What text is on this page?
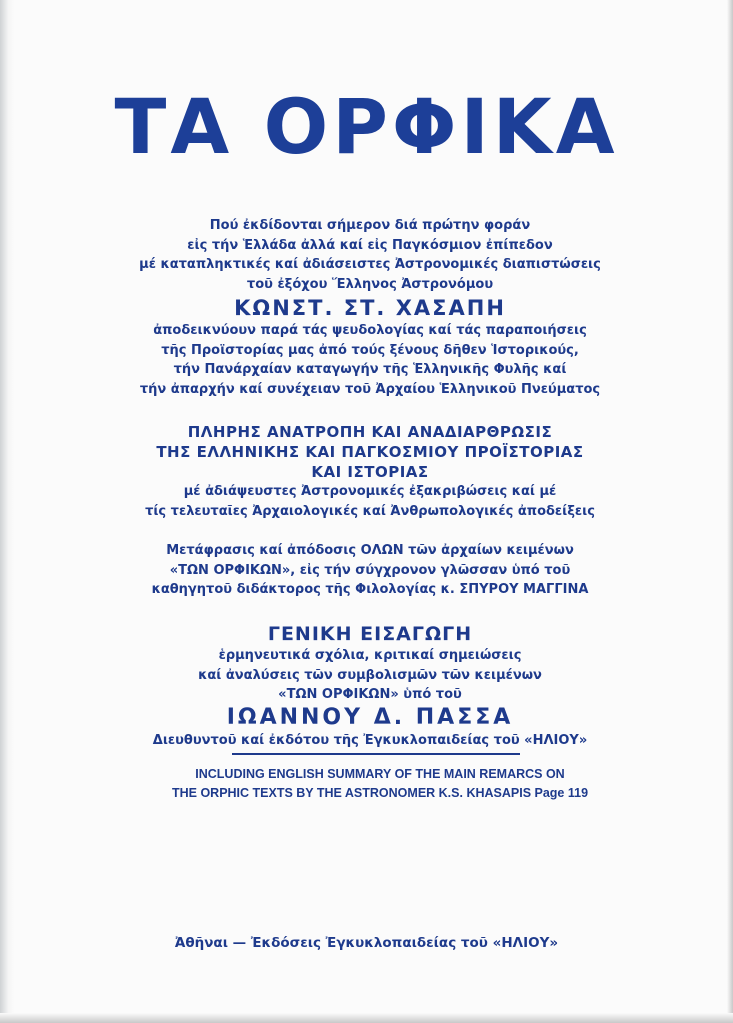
ΤΑ ΟΡΦΙΚΑ
Πού ἐκδίδονται σήμερον διά πρώτην φοράν
εἰς τήν Ἑλλάδα ἀλλά καί εἰς Παγκόσμιον ἐπίπεδον
μέ καταπληκτικές καί ἀδιάσειστες Ἀστρονομικές διαπιστώσεις
τοῦ ἐξόχου Ἕλληνος Ἀστρονόμου
ΚΩΝΣΤ. ΣΤ. ΧΑΣΑΠΗ
ἀποδεικνύουν παρά τάς ψευδολογίας καί τάς παραποιήσεις
τῆς Προϊστορίας μας ἀπό τούς ξένους δῆθεν Ἱστορικούς,
τήν Πανάρχαίαν καταγωγήν τῆς Ἑλληνικῆς Φυλῆς καί
τήν ἀπαρχήν καί συνέχειαν τοῦ Ἀρχαίου Ἑλληνικοῦ Πνεύματος
ΠΛΗΡΗΣ ΑΝΑΤΡΟΠΗ ΚΑΙ ΑΝΑΔΙΑΡΘΡΩΣΙΣ
ΤΗΣ ΕΛΛΗΝΙΚΗΣ ΚΑΙ ΠΑΓΚΟΣΜΙΟΥ ΠΡΟΪΣΤΟΡΙΑΣ
ΚΑΙ ΙΣΤΟΡΙΑΣ
μέ ἀδιάψευστες Ἀστρονομικές ἐξακριβώσεις καί μέ
τίς τελευταῖες Ἀρχαιολογικές καί Ἀνθρωπολογικές ἀποδείξεις
Μετάφρασις καί ἀπόδοσις ΟΛΩΝ τῶν ἀρχαίων κειμένων
«ΤΩΝ ΟΡΦΙΚΩΝ», εἰς τήν σύγχρονον γλῶσσαν ὑπό τοῦ
καθηγητοῦ διδάκτορος τῆς Φιλολογίας κ. ΣΠΥΡΟΥ ΜΑΓΓΙΝΑ
ΓΕΝΙΚΗ ΕΙΣΑΓΩΓΗ
ἑρμηνευτικά σχόλια, κριτικαί σημειώσεις
καί ἀναλύσεις τῶν συμβολισμῶν τῶν κειμένων
«ΤΩΝ ΟΡΦΙΚΩΝ» ὑπό τοῦ
ΙΩΑΝΝΟΥ Δ. ΠΑΣΣΑ
Διευθυντοῦ καί ἐκδότου τῆς Ἐγκυκλοπαιδείας τοῦ «ΗΛΙΟΥ»
INCLUDING ENGLISH SUMMARY OF THE MAIN REMARCS ON
THE ORPHIC TEXTS BY THE ASTRONOMER K.S. KHASAPIS Page 119
Ἀθῆναι — Ἐκδόσεις Ἐγκυκλοπαιδείας τοῦ «ΗΛΙΟΥ»
